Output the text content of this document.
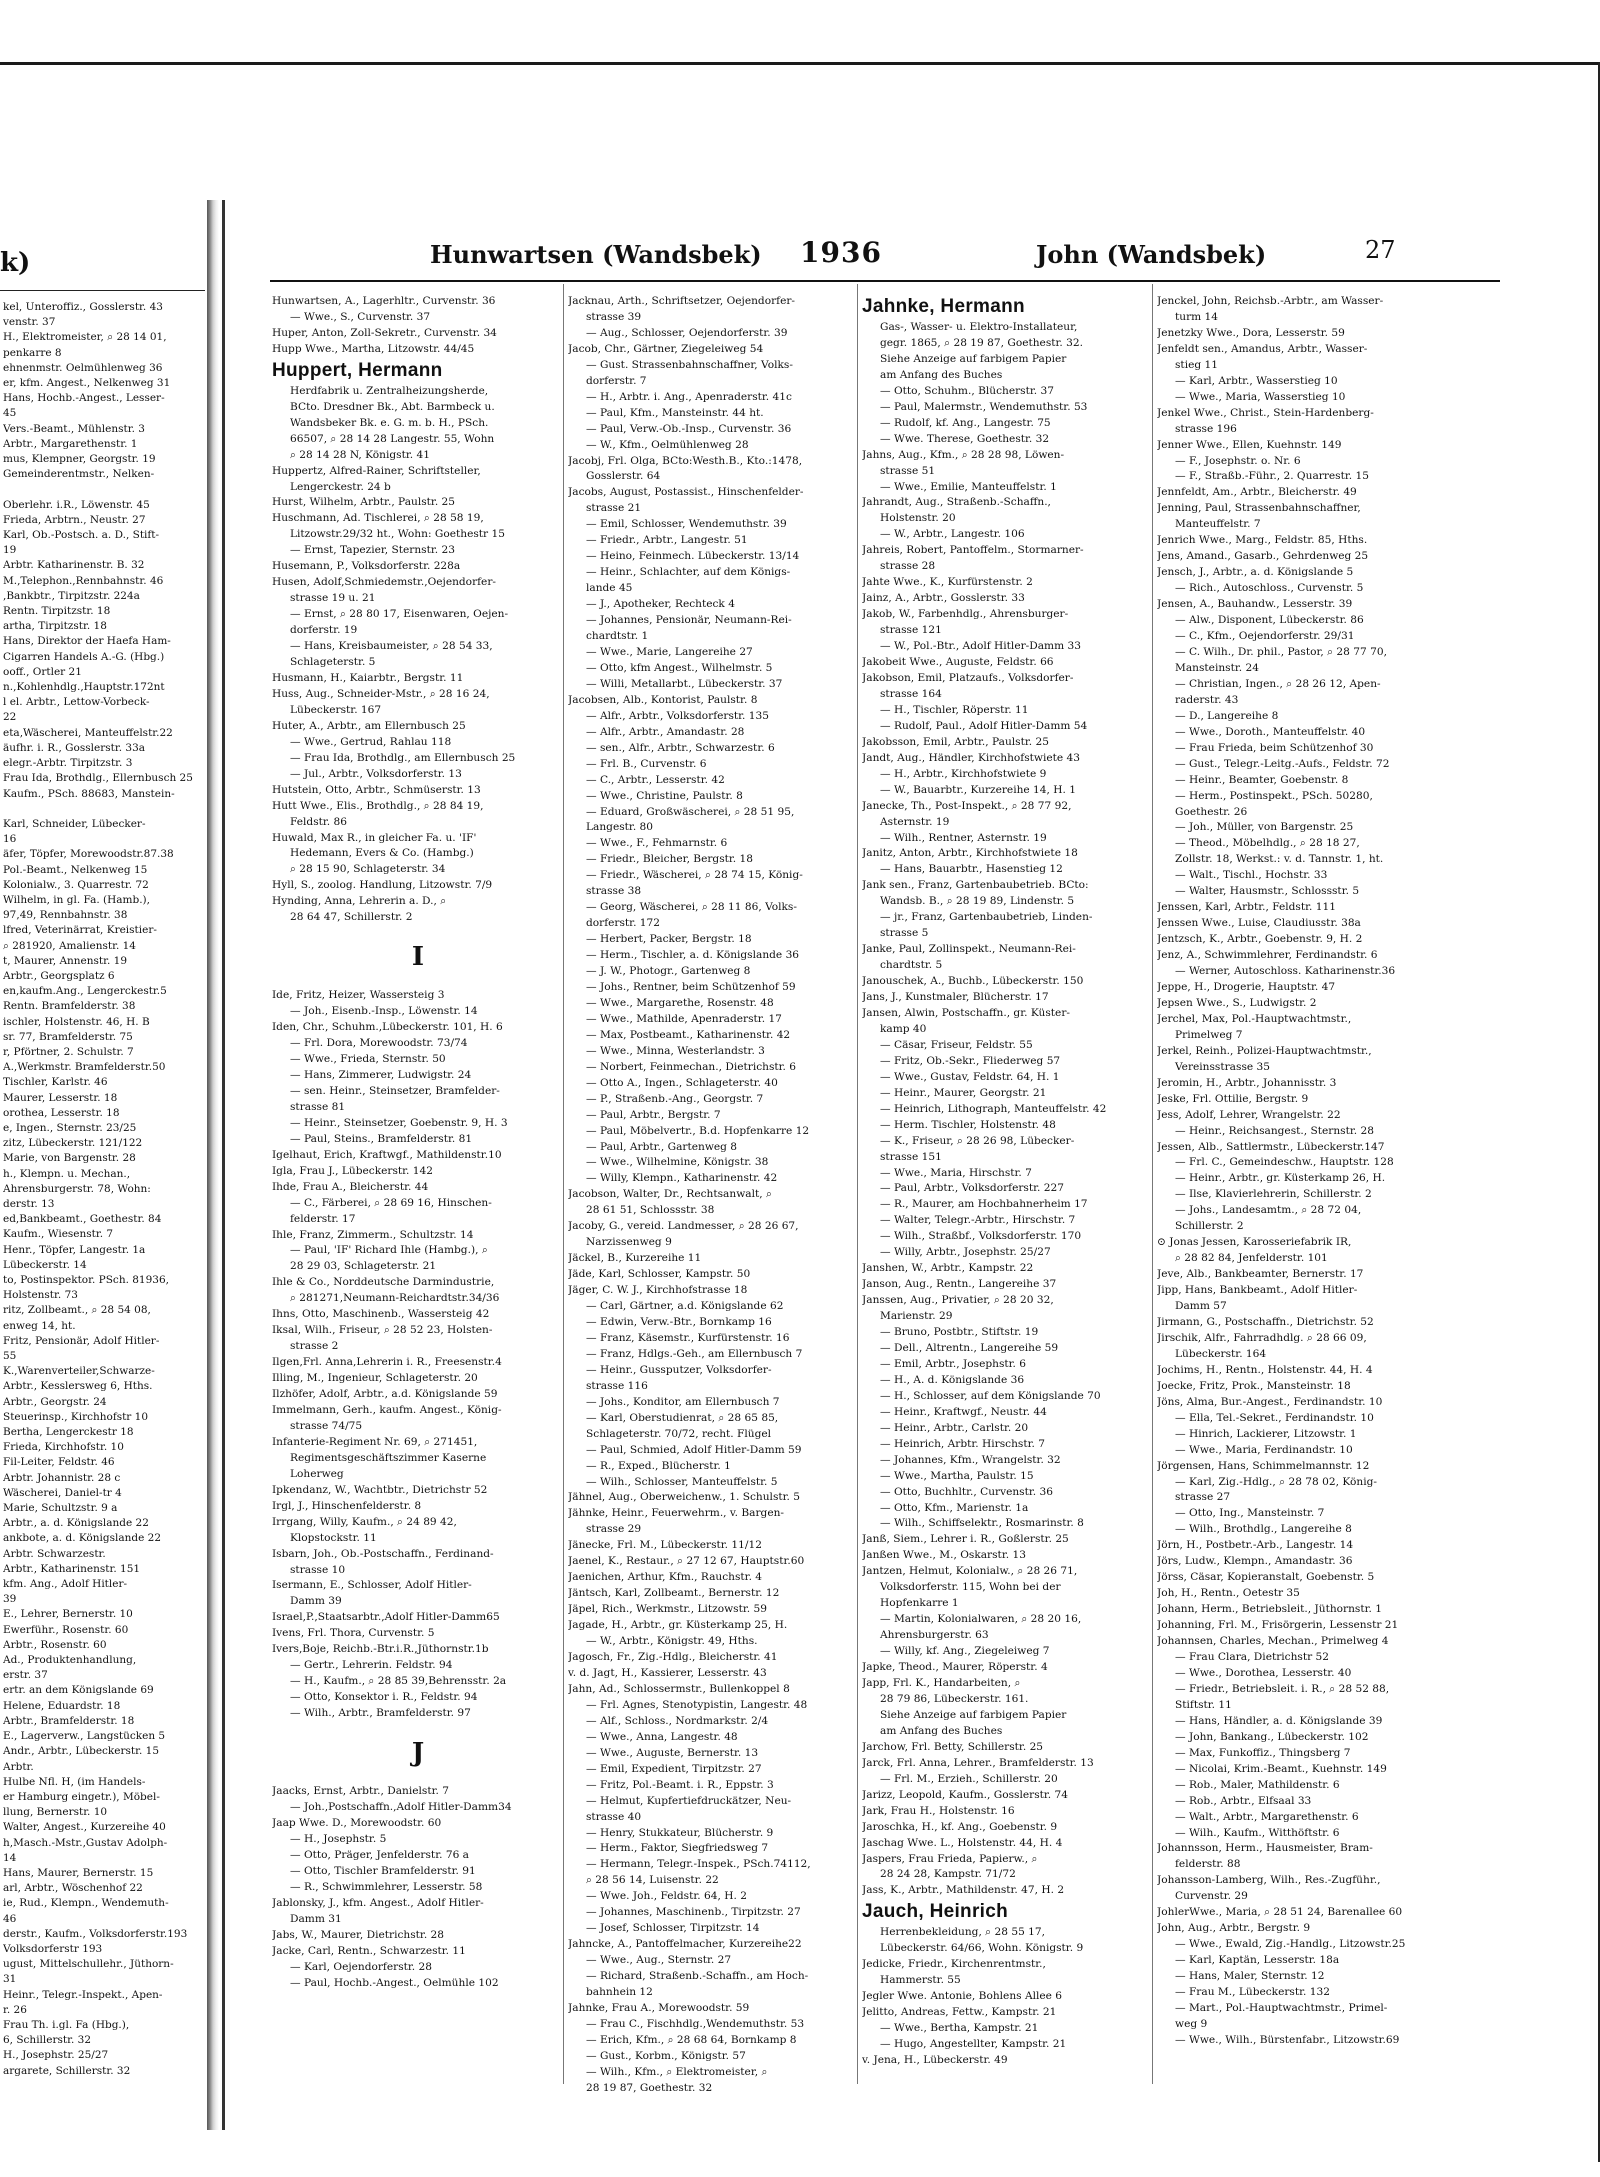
k)
kel, Unteroffiz., Gosslerstr. 43
venstr. 37
H., Elektromeister, ⌕ 28 14 01,
penkarre 8
ehnenmstr. Oelmühlenweg 36
er, kfm. Angest., Nelkenweg 31
Hans, Hochb.-Angest., Lesser-
45
Vers.-Beamt., Mühlenstr. 3
Arbtr., Margarethenstr. 1
mus, Klempner, Georgstr. 19
Gemeinderentmstr., Nelken-

Oberlehr. i.R., Löwenstr. 45
Frieda, Arbtrn., Neustr. 27
Karl, Ob.-Postsch. a. D., Stift-
19
Arbtr. Katharinenstr. B. 32
M.,Telephon.,Rennbahnstr. 46
,Bankbtr., Tirpitzstr. 224a
Rentn. Tirpitzstr. 18
artha, Tirpitzstr. 18
Hans, Direktor der Haefa Ham-
Cigarren Handels A.-G. (Hbg.)
ooff., Ortler 21
n.,Kohlenhdlg.,Hauptstr.172nt
l el. Arbtr., Lettow-Vorbeck-
22
eta,Wäscherei, Manteuffelstr.22
äufhr. i. R., Gosslerstr. 33a
elegr.-Arbtr. Tirpitzstr. 3
Frau Ida, Brothdlg., Ellernbusch 25
Kaufm., PSch. 88683, Manstein-

Karl, Schneider, Lübecker-
16
äfer, Töpfer, Morewoodstr.87.38
Pol.-Beamt., Nelkenweg 15
Kolonialw., 3. Quarrestr. 72
Wilhelm, in gl. Fa. (Hamb.),
97,49, Rennbahnstr. 38
lfred, Veterinärrat, Kreistier-
⌕ 281920, Amalienstr. 14
t, Maurer, Annenstr. 19
Arbtr., Georgsplatz 6
en,kaufm.Ang., Lengerckestr.5
Rentn. Bramfelderstr. 38
ischler, Holstenstr. 46, H. B
sr. 77, Bramfelderstr. 75
r, Pförtner, 2. Schulstr. 7
A.,Werkmstr. Bramfelderstr.50
Tischler, Karlstr. 46
Maurer, Lesserstr. 18
orothea, Lesserstr. 18
e, Ingen., Sternstr. 23/25
zitz, Lübeckerstr. 121/122
Marie, von Bargenstr. 28
h., Klempn. u. Mechan.,
Ahrensburgerstr. 78, Wohn:
derstr. 13
ed,Bankbeamt., Goethestr. 84
Kaufm., Wiesenstr. 7
Henr., Töpfer, Langestr. 1a
Lübeckerstr. 14
to, Postinspektor. PSch. 81936,
Holstenstr. 73
ritz, Zollbeamt., ⌕ 28 54 08,
enweg 14, ht.
Fritz, Pensionär, Adolf Hitler-
55
K.,Warenverteiler,Schwarze-
Arbtr., Kesslersweg 6, Hths.
Arbtr., Georgstr. 24
Steuerinsp., Kirchhofstr 10
Bertha, Lengerckestr 18
Frieda, Kirchhofstr. 10
Fil-Leiter, Feldstr. 46
Arbtr. Johannistr. 28 c
Wäscherei, Daniel-tr 4
Marie, Schultzstr. 9 a
Arbtr., a. d. Königslande 22
ankbote, a. d. Königslande 22
Arbtr. Schwarzestr.
Arbtr., Katharinenstr. 151
kfm. Ang., Adolf Hitler-
39
E., Lehrer, Bernerstr. 10
Ewerführ., Rosenstr. 60
Arbtr., Rosenstr. 60
Ad., Produktenhandlung,
erstr. 37
ertr. an dem Königslande 69
Helene, Eduardstr. 18
Arbtr., Bramfelderstr. 18
E., Lagerverw., Langstücken 5
Andr., Arbtr., Lübeckerstr. 15
Arbtr.
Hulbe Nfl. H, (im Handels-
er Hamburg eingetr.), Möbel-
llung, Bernerstr. 10
Walter, Angest., Kurzereihe 40
h,Masch.-Mstr.,Gustav Adolph-
14
Hans, Maurer, Bernerstr. 15
arl, Arbtr., Wöschenhof 22
ie, Rud., Klempn., Wendemuth-
46
derstr., Kaufm., Volksdorferstr.193
Volksdorferstr 193
ugust, Mittelschullehr., Jüthorn-
31
Heinr., Telegr.-Inspekt., Apen-
r. 26
Frau Th. i.gl. Fa (Hbg.),
6, Schillerstr. 32
H., Josephstr. 25/27
argarete, Schillerstr. 32
Hunwartsen (Wandsbek) 1936	John (Wandsbek)	27
Hunwartsen, A., Lagerhltr., Curvenstr. 36
— Wwe., S., Curvenstr. 37
Huper, Anton, Zoll-Sekretr., Curvenstr. 34
Hupp Wwe., Martha, Litzowstr. 44/45
Huppert, Hermann
Herdfabrik u. Zentralheizungsherde,
BCto. Dresdner Bk., Abt. Barmbeck u.
Wandsbeker Bk. e. G. m. b. H., PSch.
66507, ⌕ 28 14 28 Langestr. 55, Wohn
⌕ 28 14 28 N, Königstr. 41
Huppertz, Alfred-Rainer, Schriftsteller,
Lengerckestr. 24 b
Hurst, Wilhelm, Arbtr., Paulstr. 25
Huschmann, Ad. Tischlerei, ⌕ 28 58 19,
Litzowstr.29/32 ht., Wohn: Goethestr 15
— Ernst, Tapezier, Sternstr. 23
Husemann, P., Volksdorferstr. 228a
Husen, Adolf,Schmiedemstr.,Oejendorfer-
strasse 19 u. 21
— Ernst, ⌕ 28 80 17, Eisenwaren, Oejen-
dorferstr. 19
— Hans, Kreisbaumeister, ⌕ 28 54 33,
Schlageterstr. 5
Husmann, H., Kaiarbtr., Bergstr. 11
Huss, Aug., Schneider-Mstr., ⌕ 28 16 24,
Lübeckerstr. 167
Huter, A., Arbtr., am Ellernbusch 25
— Wwe., Gertrud, Rahlau 118
— Frau Ida, Brothdlg., am Ellernbusch 25
— Jul., Arbtr., Volksdorferstr. 13
Hutstein, Otto, Arbtr., Schmüserstr. 13
Hutt Wwe., Elis., Brothdlg., ⌕ 28 84 19,
Feldstr. 86
Huwald, Max R., in gleicher Fa. u. 'IF'
Hedemann, Evers & Co. (Hambg.)
⌕ 28 15 90, Schlageterstr. 34
Hyll, S., zoolog. Handlung, Litzowstr. 7/9
Hynding, Anna, Lehrerin a. D., ⌕
28 64 47, Schillerstr. 2
I
Ide, Fritz, Heizer, Wassersteig 3
— Joh., Eisenb.-Insp., Löwenstr. 14
Iden, Chr., Schuhm.,Lübeckerstr. 101, H. 6
— Frl. Dora, Morewoodstr. 73/74
— Wwe., Frieda, Sternstr. 50
— Hans, Zimmerer, Ludwigstr. 24
— sen. Heinr., Steinsetzer, Bramfelder-
strasse 81
— Heinr., Steinsetzer, Goebenstr. 9, H. 3
— Paul, Steins., Bramfelderstr. 81
Igelhaut, Erich, Kraftwgf., Mathildenstr.10
Igla, Frau J., Lübeckerstr. 142
Ihde, Frau A., Bleicherstr. 44
— C., Färberei, ⌕ 28 69 16, Hinschen-
felderstr. 17
Ihle, Franz, Zimmerm., Schultzstr. 14
— Paul, 'IF' Richard Ihle (Hambg.), ⌕
28 29 03, Schlageterstr. 21
Ihle & Co., Norddeutsche Darmindustrie,
⌕ 281271,Neumann-Reichardtstr.34/36
Ihns, Otto, Maschinenb., Wassersteig 42
Iksal, Wilh., Friseur, ⌕ 28 52 23, Holsten-
strasse 2
Ilgen,Frl. Anna,Lehrerin i. R., Freesenstr.4
Illing, M., Ingenieur, Schlageterstr. 20
Ilzhöfer, Adolf, Arbtr., a.d. Königslande 59
Immelmann, Gerh., kaufm. Angest., König-
strasse 74/75
Infanterie-Regiment Nr. 69, ⌕ 271451,
Regimentsgeschäftszimmer Kaserne
Loherweg
Ipkendanz, W., Wachtbtr., Dietrichstr 52
Irgl, J., Hinschenfelderstr. 8
Irrgang, Willy, Kaufm., ⌕ 24 89 42,
Klopstockstr. 11
Isbarn, Joh., Ob.-Postschaffn., Ferdinand-
strasse 10
Isermann, E., Schlosser, Adolf Hitler-
Damm 39
Israel,P.,Staatsarbtr.,Adolf Hitler-Damm65
Ivens, Frl. Thora, Curvenstr. 5
Ivers,Boje, Reichb.-Btr.i.R.,Jüthornstr.1b
— Gertr., Lehrerin. Feldstr. 94
— H., Kaufm., ⌕ 28 85 39,Behrensstr. 2a
— Otto, Konsektor i. R., Feldstr. 94
— Wilh., Arbtr., Bramfelderstr. 97
J
Jaacks, Ernst, Arbtr., Danielstr. 7
— Joh.,Postschaffn.,Adolf Hitler-Damm34
Jaap Wwe. D., Morewoodstr. 60
— H., Josephstr. 5
— Otto, Präger, Jenfelderstr. 76 a
— Otto, Tischler Bramfelderstr. 91
— R., Schwimmlehrer, Lesserstr. 58
Jablonsky, J., kfm. Angest., Adolf Hitler-
Damm 31
Jabs, W., Maurer, Dietrichstr. 28
Jacke, Carl, Rentn., Schwarzestr. 11
— Karl, Oejendorferstr. 28
— Paul, Hochb.-Angest., Oelmühle 102
Jacknau, Arth., Schriftsetzer, Oejendorfer-
strasse 39
— Aug., Schlosser, Oejendorferstr. 39
Jacob, Chr., Gärtner, Ziegeleiweg 54
— Gust. Strassenbahnschaffner, Volks-
dorferstr. 7
— H., Arbtr. i. Ang., Apenraderstr. 41c
— Paul, Kfm., Mansteinstr. 44 ht.
— Paul, Verw.-Ob.-Insp., Curvenstr. 36
— W., Kfm., Oelmühlenweg 28
Jacobj, Frl. Olga, BCto:Westh.B., Kto.:1478,
Gosslerstr. 64
Jacobs, August, Postassist., Hinschenfelder-
strasse 21
— Emil, Schlosser, Wendemuthstr. 39
— Friedr., Arbtr., Langestr. 51
— Heino, Feinmech. Lübeckerstr. 13/14
— Heinr., Schlachter, auf dem Königs-
lande 45
— J., Apotheker, Rechteck 4
— Johannes, Pensionär, Neumann-Rei-
chardtstr. 1
— Wwe., Marie, Langereihe 27
— Otto, kfm Angest., Wilhelmstr. 5
— Willi, Metallarbt., Lübeckerstr. 37
Jacobsen, Alb., Kontorist, Paulstr. 8
— Alfr., Arbtr., Volksdorferstr. 135
— Alfr., Arbtr., Amandastr. 28
— sen., Alfr., Arbtr., Schwarzestr. 6
— Frl. B., Curvenstr. 6
— C., Arbtr., Lesserstr. 42
— Wwe., Christine, Paulstr. 8
— Eduard, Großwäscherei, ⌕ 28 51 95,
Langestr. 80
— Wwe., F., Fehmarnstr. 6
— Friedr., Bleicher, Bergstr. 18
— Friedr., Wäscherei, ⌕ 28 74 15, König-
strasse 38
— Georg, Wäscherei, ⌕ 28 11 86, Volks-
dorferstr. 172
— Herbert, Packer, Bergstr. 18
— Herm., Tischler, a. d. Königslande 36
— J. W., Photogr., Gartenweg 8
— Johs., Rentner, beim Schützenhof 59
— Wwe., Margarethe, Rosenstr. 48
— Wwe., Mathilde, Apenraderstr. 17
— Max, Postbeamt., Katharinenstr. 42
— Wwe., Minna, Westerlandstr. 3
— Norbert, Feinmechan., Dietrichstr. 6
— Otto A., Ingen., Schlageterstr. 40
— P., Straßenb.-Ang., Georgstr. 7
— Paul, Arbtr., Bergstr. 7
— Paul, Möbelvertr., B.d. Hopfenkarre 12
— Paul, Arbtr., Gartenweg 8
— Wwe., Wilhelmine, Königstr. 38
— Willy, Klempn., Katharinenstr. 42
Jacobson, Walter, Dr., Rechtsanwalt, ⌕
28 61 51, Schlossstr. 38
Jacoby, G., vereid. Landmesser, ⌕ 28 26 67,
Narzissenweg 9
Jäckel, B., Kurzereihe 11
Jäde, Karl, Schlosser, Kampstr. 50
Jäger, C. W. J., Kirchhofstrasse 18
— Carl, Gärtner, a.d. Königslande 62
— Edwin, Verw.-Btr., Bornkamp 16
— Franz, Käsemstr., Kurfürstenstr. 16
— Franz, Hdlgs.-Geh., am Ellernbusch 7
— Heinr., Gussputzer, Volksdorfer-
strasse 116
— Johs., Konditor, am Ellernbusch 7
— Karl, Oberstudienrat, ⌕ 28 65 85,
Schlageterstr. 70/72, recht. Flügel
— Paul, Schmied, Adolf Hitler-Damm 59
— R., Exped., Blücherstr. 1
— Wilh., Schlosser, Manteuffelstr. 5
Jähnel, Aug., Oberweichenw., 1. Schulstr. 5
Jähnke, Heinr., Feuerwehrm., v. Bargen-
strasse 29
Jänecke, Frl. M., Lübeckerstr. 11/12
Jaenel, K., Restaur., ⌕ 27 12 67, Hauptstr.60
Jaenichen, Arthur, Kfm., Rauchstr. 4
Jäntsch, Karl, Zollbeamt., Bernerstr. 12
Jäpel, Rich., Werkmstr., Litzowstr. 59
Jagade, H., Arbtr., gr. Küsterkamp 25, H.
— W., Arbtr., Königstr. 49, Hths.
Jagosch, Fr., Zig.-Hdlg., Bleicherstr. 41
v. d. Jagt, H., Kassierer, Lesserstr. 43
Jahn, Ad., Schlossermstr., Bullenkoppel 8
— Frl. Agnes, Stenotypistin, Langestr. 48
— Alf., Schloss., Nordmarkstr. 2/4
— Wwe., Anna, Langestr. 48
— Wwe., Auguste, Bernerstr. 13
— Emil, Expedient, Tirpitzstr. 27
— Fritz, Pol.-Beamt. i. R., Eppstr. 3
— Helmut, Kupfertiefdruckätzer, Neu-
strasse 40
— Henry, Stukkateur, Blücherstr. 9
— Herm., Faktor, Siegfriedsweg 7
— Hermann, Telegr.-Inspek., PSch.74112,
⌕ 28 56 14, Luisenstr. 22
— Wwe. Joh., Feldstr. 64, H. 2
— Johannes, Maschinenb., Tirpitzstr. 27
— Josef, Schlosser, Tirpitzstr. 14
Jahncke, A., Pantoffelmacher, Kurzereihe22
— Wwe., Aug., Sternstr. 27
— Richard, Straßenb.-Schaffn., am Hoch-
bahnhein 12
Jahnke, Frau A., Morewoodstr. 59
— Frau C., Fischhdlg.,Wendemuthstr. 53
— Erich, Kfm., ⌕ 28 68 64, Bornkamp 8
— Gust., Korbm., Königstr. 57
— Wilh., Kfm., ⌕ Elektromeister, ⌕
28 19 87, Goethestr. 32
Jahnke, Hermann
Gas-, Wasser- u. Elektro-Installateur,
gegr. 1865, ⌕ 28 19 87, Goethestr. 32.
Siehe Anzeige auf farbigem Papier
am Anfang des Buches
— Otto, Schuhm., Blücherstr. 37
— Paul, Malermstr., Wendemuthstr. 53
— Rudolf, kf. Ang., Langestr. 75
— Wwe. Therese, Goethestr. 32
Jahns, Aug., Kfm., ⌕ 28 28 98, Löwen-
strasse 51
— Wwe., Emilie, Manteuffelstr. 1
Jahrandt, Aug., Straßenb.-Schaffn.,
Holstenstr. 20
— W., Arbtr., Langestr. 106
Jahreis, Robert, Pantoffelm., Stormarner-
strasse 28
Jahte Wwe., K., Kurfürstenstr. 2
Jainz, A., Arbtr., Gosslerstr. 33
Jakob, W., Farbenhdlg., Ahrensburger-
strasse 121
— W., Pol.-Btr., Adolf Hitler-Damm 33
Jakobeit Wwe., Auguste, Feldstr. 66
Jakobson, Emil, Platzaufs., Volksdorfer-
strasse 164
— H., Tischler, Röperstr. 11
— Rudolf, Paul., Adolf Hitler-Damm 54
Jakobsson, Emil, Arbtr., Paulstr. 25
Jandt, Aug., Händler, Kirchhofstwiete 43
— H., Arbtr., Kirchhofstwiete 9
— W., Bauarbtr., Kurzereihe 14, H. 1
Janecke, Th., Post-Inspekt., ⌕ 28 77 92,
Asternstr. 19
— Wilh., Rentner, Asternstr. 19
Janitz, Anton, Arbtr., Kirchhofstwiete 18
— Hans, Bauarbtr., Hasenstieg 12
Jank sen., Franz, Gartenbaubetrieb. BCto:
Wandsb. B., ⌕ 28 19 89, Lindenstr. 5
— jr., Franz, Gartenbaubetrieb, Linden-
strasse 5
Janke, Paul, Zollinspekt., Neumann-Rei-
chardtstr. 5
Janouschek, A., Buchb., Lübeckerstr. 150
Jans, J., Kunstmaler, Blücherstr. 17
Jansen, Alwin, Postschaffn., gr. Küster-
kamp 40
— Cäsar, Friseur, Feldstr. 55
— Fritz, Ob.-Sekr., Fliederweg 57
— Wwe., Gustav, Feldstr. 64, H. 1
— Heinr., Maurer, Georgstr. 21
— Heinrich, Lithograph, Manteuffelstr. 42
— Herm. Tischler, Holstenstr. 48
— K., Friseur, ⌕ 28 26 98, Lübecker-
strasse 151
— Wwe., Maria, Hirschstr. 7
— Paul, Arbtr., Volksdorferstr. 227
— R., Maurer, am Hochbahnerheim 17
— Walter, Telegr.-Arbtr., Hirschstr. 7
— Wilh., Straßbf., Volksdorferstr. 170
— Willy, Arbtr., Josephstr. 25/27
Janshen, W., Arbtr., Kampstr. 22
Janson, Aug., Rentn., Langereihe 37
Janssen, Aug., Privatier, ⌕ 28 20 32,
Marienstr. 29
— Bruno, Postbtr., Stiftstr. 19
— Dell., Altrentn., Langereihe 59
— Emil, Arbtr., Josephstr. 6
— H., A. d. Königslande 36
— H., Schlosser, auf dem Königslande 70
— Heinr., Kraftwgf., Neustr. 44
— Heinr., Arbtr., Carlstr. 20
— Heinrich, Arbtr. Hirschstr. 7
— Johannes, Kfm., Wrangelstr. 32
— Wwe., Martha, Paulstr. 15
— Otto, Buchhltr., Curvenstr. 36
— Otto, Kfm., Marienstr. 1a
— Wilh., Schiffselektr., Rosmarinstr. 8
Janß, Siem., Lehrer i. R., Goßlerstr. 25
Janßen Wwe., M., Oskarstr. 13
Jantzen, Helmut, Kolonialw., ⌕ 28 26 71,
Volksdorferstr. 115, Wohn bei der
Hopfenkarre 1
— Martin, Kolonialwaren, ⌕ 28 20 16,
Ahrensburgerstr. 63
— Willy, kf. Ang., Ziegeleiweg 7
Japke, Theod., Maurer, Röperstr. 4
Japp, Frl. K., Handarbeiten, ⌕
28 79 86, Lübeckerstr. 161.
Siehe Anzeige auf farbigem Papier
am Anfang des Buches
Jarchow, Frl. Betty, Schillerstr. 25
Jarck, Frl. Anna, Lehrer., Bramfelderstr. 13
— Frl. M., Erzieh., Schillerstr. 20
Jarizz, Leopold, Kaufm., Gosslerstr. 74
Jark, Frau H., Holstenstr. 16
Jaroschka, H., kf. Ang., Goebenstr. 9
Jaschag Wwe. L., Holstenstr. 44, H. 4
Jaspers, Frau Frieda, Papierw., ⌕
28 24 28, Kampstr. 71/72
Jass, K., Arbtr., Mathildenstr. 47, H. 2
Jauch, Heinrich
Herrenbekleidung, ⌕ 28 55 17,
Lübeckerstr. 64/66, Wohn. Königstr. 9
Jedicke, Friedr., Kirchenrentmstr.,
Hammerstr. 55
Jegler Wwe. Antonie, Bohlens Allee 6
Jelitto, Andreas, Fettw., Kampstr. 21
— Wwe., Bertha, Kampstr. 21
— Hugo, Angestellter, Kampstr. 21
v. Jena, H., Lübeckerstr. 49
Jenckel, John, Reichsb.-Arbtr., am Wasser-
turm 14
Jenetzky Wwe., Dora, Lesserstr. 59
Jenfeldt sen., Amandus, Arbtr., Wasser-
stieg 11
— Karl, Arbtr., Wasserstieg 10
— Wwe., Maria, Wasserstieg 10
Jenkel Wwe., Christ., Stein-Hardenberg-
strasse 196
Jenner Wwe., Ellen, Kuehnstr. 149
— F., Josephstr. o. Nr. 6
— F., Straßb.-Führ., 2. Quarrestr. 15
Jennfeldt, Am., Arbtr., Bleicherstr. 49
Jenning, Paul, Strassenbahnschaffner,
Manteuffelstr. 7
Jenrich Wwe., Marg., Feldstr. 85, Hths.
Jens, Amand., Gasarb., Gehrdenweg 25
Jensch, J., Arbtr., a. d. Königslande 5
— Rich., Autoschloss., Curvenstr. 5
Jensen, A., Bauhandw., Lesserstr. 39
— Alw., Disponent, Lübeckerstr. 86
— C., Kfm., Oejendorferstr. 29/31
— C. Wilh., Dr. phil., Pastor, ⌕ 28 77 70,
Mansteinstr. 24
— Christian, Ingen., ⌕ 28 26 12, Apen-
raderstr. 43
— D., Langereihe 8
— Wwe., Doroth., Manteuffelstr. 40
— Frau Frieda, beim Schützenhof 30
— Gust., Telegr.-Leitg.-Aufs., Feldstr. 72
— Heinr., Beamter, Goebenstr. 8
— Herm., Postinspekt., PSch. 50280,
Goethestr. 26
— Joh., Müller, von Bargenstr. 25
— Theod., Möbelhdlg., ⌕ 28 18 27,
Zollstr. 18, Werkst.: v. d. Tannstr. 1, ht.
— Walt., Tischl., Hochstr. 33
— Walter, Hausmstr., Schlossstr. 5
Jenssen, Karl, Arbtr., Feldstr. 111
Jenssen Wwe., Luise, Claudiusstr. 38a
Jentzsch, K., Arbtr., Goebenstr. 9, H. 2
Jenz, A., Schwimmlehrer, Ferdinandstr. 6
— Werner, Autoschloss. Katharinenstr.36
Jeppe, H., Drogerie, Hauptstr. 47
Jepsen Wwe., S., Ludwigstr. 2
Jerchel, Max, Pol.-Hauptwachtmstr.,
Primelweg 7
Jerkel, Reinh., Polizei-Hauptwachtmstr.,
Vereinsstrasse 35
Jeromin, H., Arbtr., Johannisstr. 3
Jeske, Frl. Ottilie, Bergstr. 9
Jess, Adolf, Lehrer, Wrangelstr. 22
— Heinr., Reichsangest., Sternstr. 28
Jessen, Alb., Sattlermstr., Lübeckerstr.147
— Frl. C., Gemeindeschw., Hauptstr. 128
— Heinr., Arbtr., gr. Küsterkamp 26, H.
— Ilse, Klavierlehrerin, Schillerstr. 2
— Johs., Landesamtm., ⌕ 28 72 04,
Schillerstr. 2
⊙ Jonas Jessen, Karosseriefabrik IR,
⌕ 28 82 84, Jenfelderstr. 101
Jeve, Alb., Bankbeamter, Bernerstr. 17
Jipp, Hans, Bankbeamt., Adolf Hitler-
Damm 57
Jirmann, G., Postschaffn., Dietrichstr. 52
Jirschik, Alfr., Fahrradhdlg. ⌕ 28 66 09,
Lübeckerstr. 164
Jochims, H., Rentn., Holstenstr. 44, H. 4
Joecke, Fritz, Prok., Mansteinstr. 18
Jöns, Alma, Bur.-Angest., Ferdinandstr. 10
— Ella, Tel.-Sekret., Ferdinandstr. 10
— Hinrich, Lackierer, Litzowstr. 1
— Wwe., Maria, Ferdinandstr. 10
Jörgensen, Hans, Schimmelmannstr. 12
— Karl, Zig.-Hdlg., ⌕ 28 78 02, König-
strasse 27
— Otto, Ing., Mansteinstr. 7
— Wilh., Brothdlg., Langereihe 8
Jörn, H., Postbetr.-Arb., Langestr. 14
Jörs, Ludw., Klempn., Amandastr. 36
Jörss, Cäsar, Kopieranstalt, Goebenstr. 5
Joh, H., Rentn., Oetestr 35
Johann, Herm., Betriebsleit., Jüthornstr. 1
Johanning, Frl. M., Frisörgerin, Lessenstr 21
Johannsen, Charles, Mechan., Primelweg 4
— Frau Clara, Dietrichstr 52
— Wwe., Dorothea, Lesserstr. 40
— Friedr., Betriebsleit. i. R., ⌕ 28 52 88,
Stiftstr. 11
— Hans, Händler, a. d. Königslande 39
— John, Bankang., Lübeckerstr. 102
— Max, Funkoffiz., Thingsberg 7
— Nicolai, Krim.-Beamt., Kuehnstr. 149
— Rob., Maler, Mathildenstr. 6
— Rob., Arbtr., Elfsaal 33
— Walt., Arbtr., Margarethenstr. 6
— Wilh., Kaufm., Witthöftstr. 6
Johannsson, Herm., Hausmeister, Bram-
felderstr. 88
Johansson-Lamberg, Wilh., Res.-Zugführ.,
Curvenstr. 29
JohlerWwe., Maria, ⌕ 28 51 24, Barenallee 60
John, Aug., Arbtr., Bergstr. 9
— Wwe., Ewald, Zig.-Handlg., Litzowstr.25
— Karl, Kaptän, Lesserstr. 18a
— Hans, Maler, Sternstr. 12
— Frau M., Lübeckerstr. 132
— Mart., Pol.-Hauptwachtmstr., Primel-
weg 9
— Wwe., Wilh., Bürstenfabr., Litzowstr.69
